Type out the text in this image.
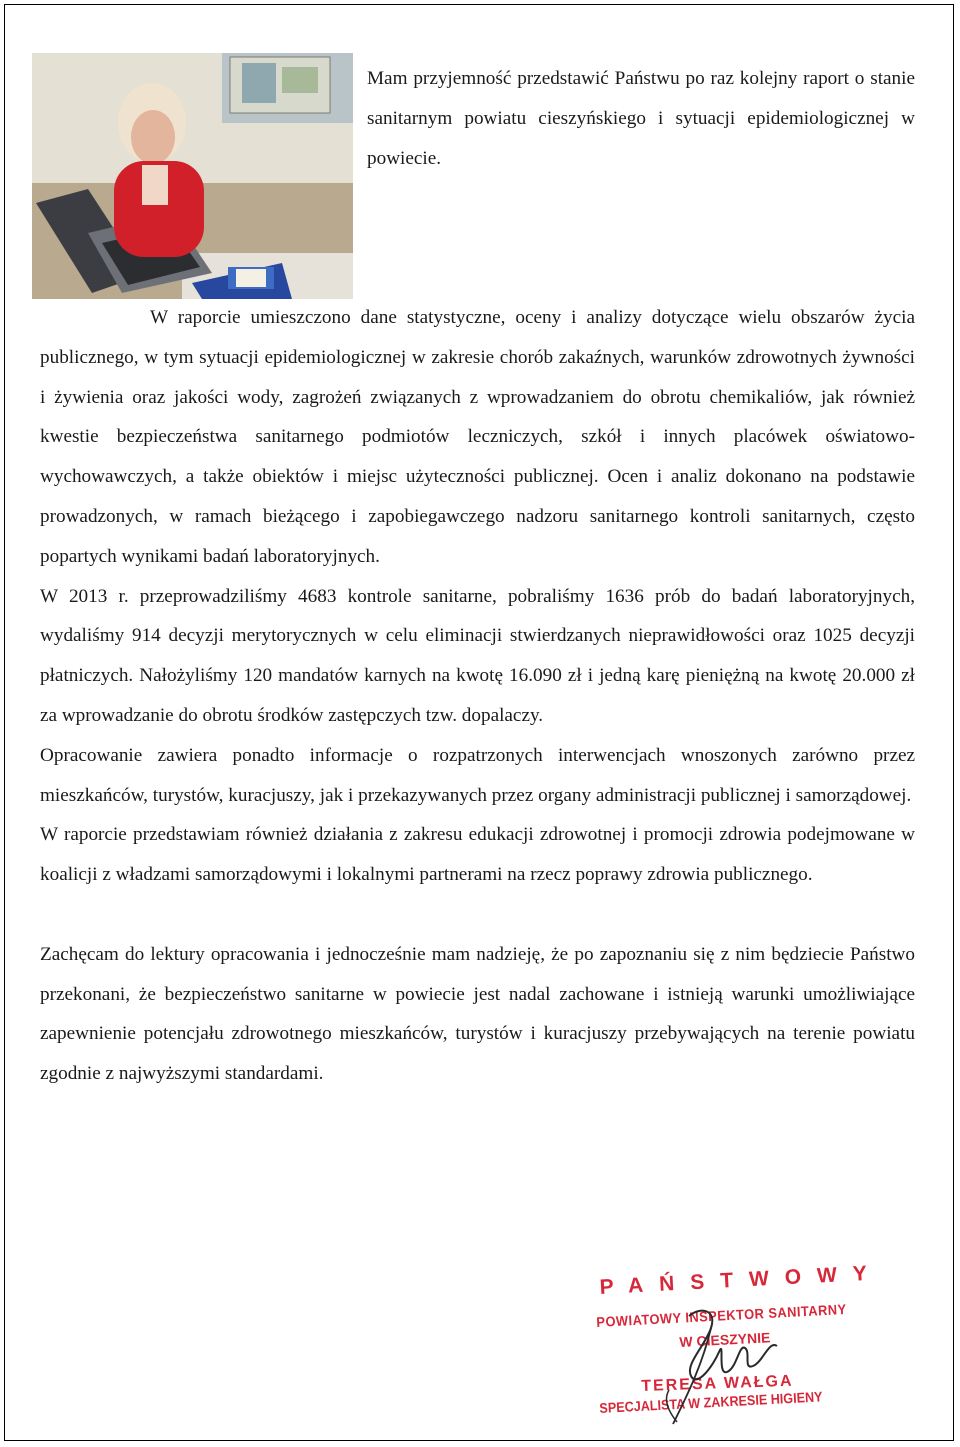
Mam przyjemność przedstawić Państwu po raz kolejny raport o stanie sanitarnym powiatu cieszyńskiego i sytuacji epidemiologicznej w powiecie.

W raporcie umieszczono dane statystyczne, oceny i analizy dotyczące wielu obszarów życia publicznego, w tym sytuacji epidemiologicznej w zakresie chorób zakaźnych, warunków zdrowotnych żywności i żywienia oraz jakości wody, zagrożeń związanych z wprowadzaniem do obrotu chemikaliów, jak również kwestie bezpieczeństwa sanitarnego podmiotów leczniczych, szkół i innych placówek oświatowo-wychowawczych, a także obiektów i miejsc użyteczności publicznej. Ocen i analiz dokonano na podstawie prowadzonych, w ramach bieżącego i zapobiegawczego nadzoru sanitarnego kontroli sanitarnych, często popartych wynikami badań laboratoryjnych.

W 2013 r. przeprowadziliśmy 4683 kontrole sanitarne, pobraliśmy 1636 prób do badań laboratoryjnych, wydaliśmy 914 decyzji merytorycznych w celu eliminacji stwierdzanych nieprawidłowości oraz 1025 decyzji płatniczych. Nałożyliśmy 120 mandatów karnych na kwotę 16.090 zł i jedną karę pieniężną na kwotę 20.000 zł za wprowadzanie do obrotu środków zastępczych tzw. dopalaczy.

Opracowanie zawiera ponadto informacje o rozpatrzonych interwencjach wnoszonych zarówno przez mieszkańców, turystów, kuracjuszy, jak i przekazywanych przez organy administracji publicznej i samorządowej.

W raporcie przedstawiam również działania z zakresu edukacji zdrowotnej i promocji zdrowia podejmowane w koalicji z władzami samorządowymi i lokalnymi partnerami na rzecz poprawy zdrowia publicznego.

Zachęcam do lektury opracowania i jednocześnie mam nadzieję, że po zapoznaniu się z nim będziecie Państwo przekonani, że bezpieczeństwo sanitarne w powiecie jest nadal zachowane i istnieją warunki umożliwiające zapewnienie potencjału zdrowotnego mieszkańców, turystów i kuracjuszy przebywających na terenie powiatu zgodnie z najwyższymi standardami.

PAŃSTWOWY
POWIATOWY INSPEKTOR SANITARNY
W CIESZYNIE
TERESA WAŁGA
SPECJALISTA W ZAKRESIE HIGIENY
